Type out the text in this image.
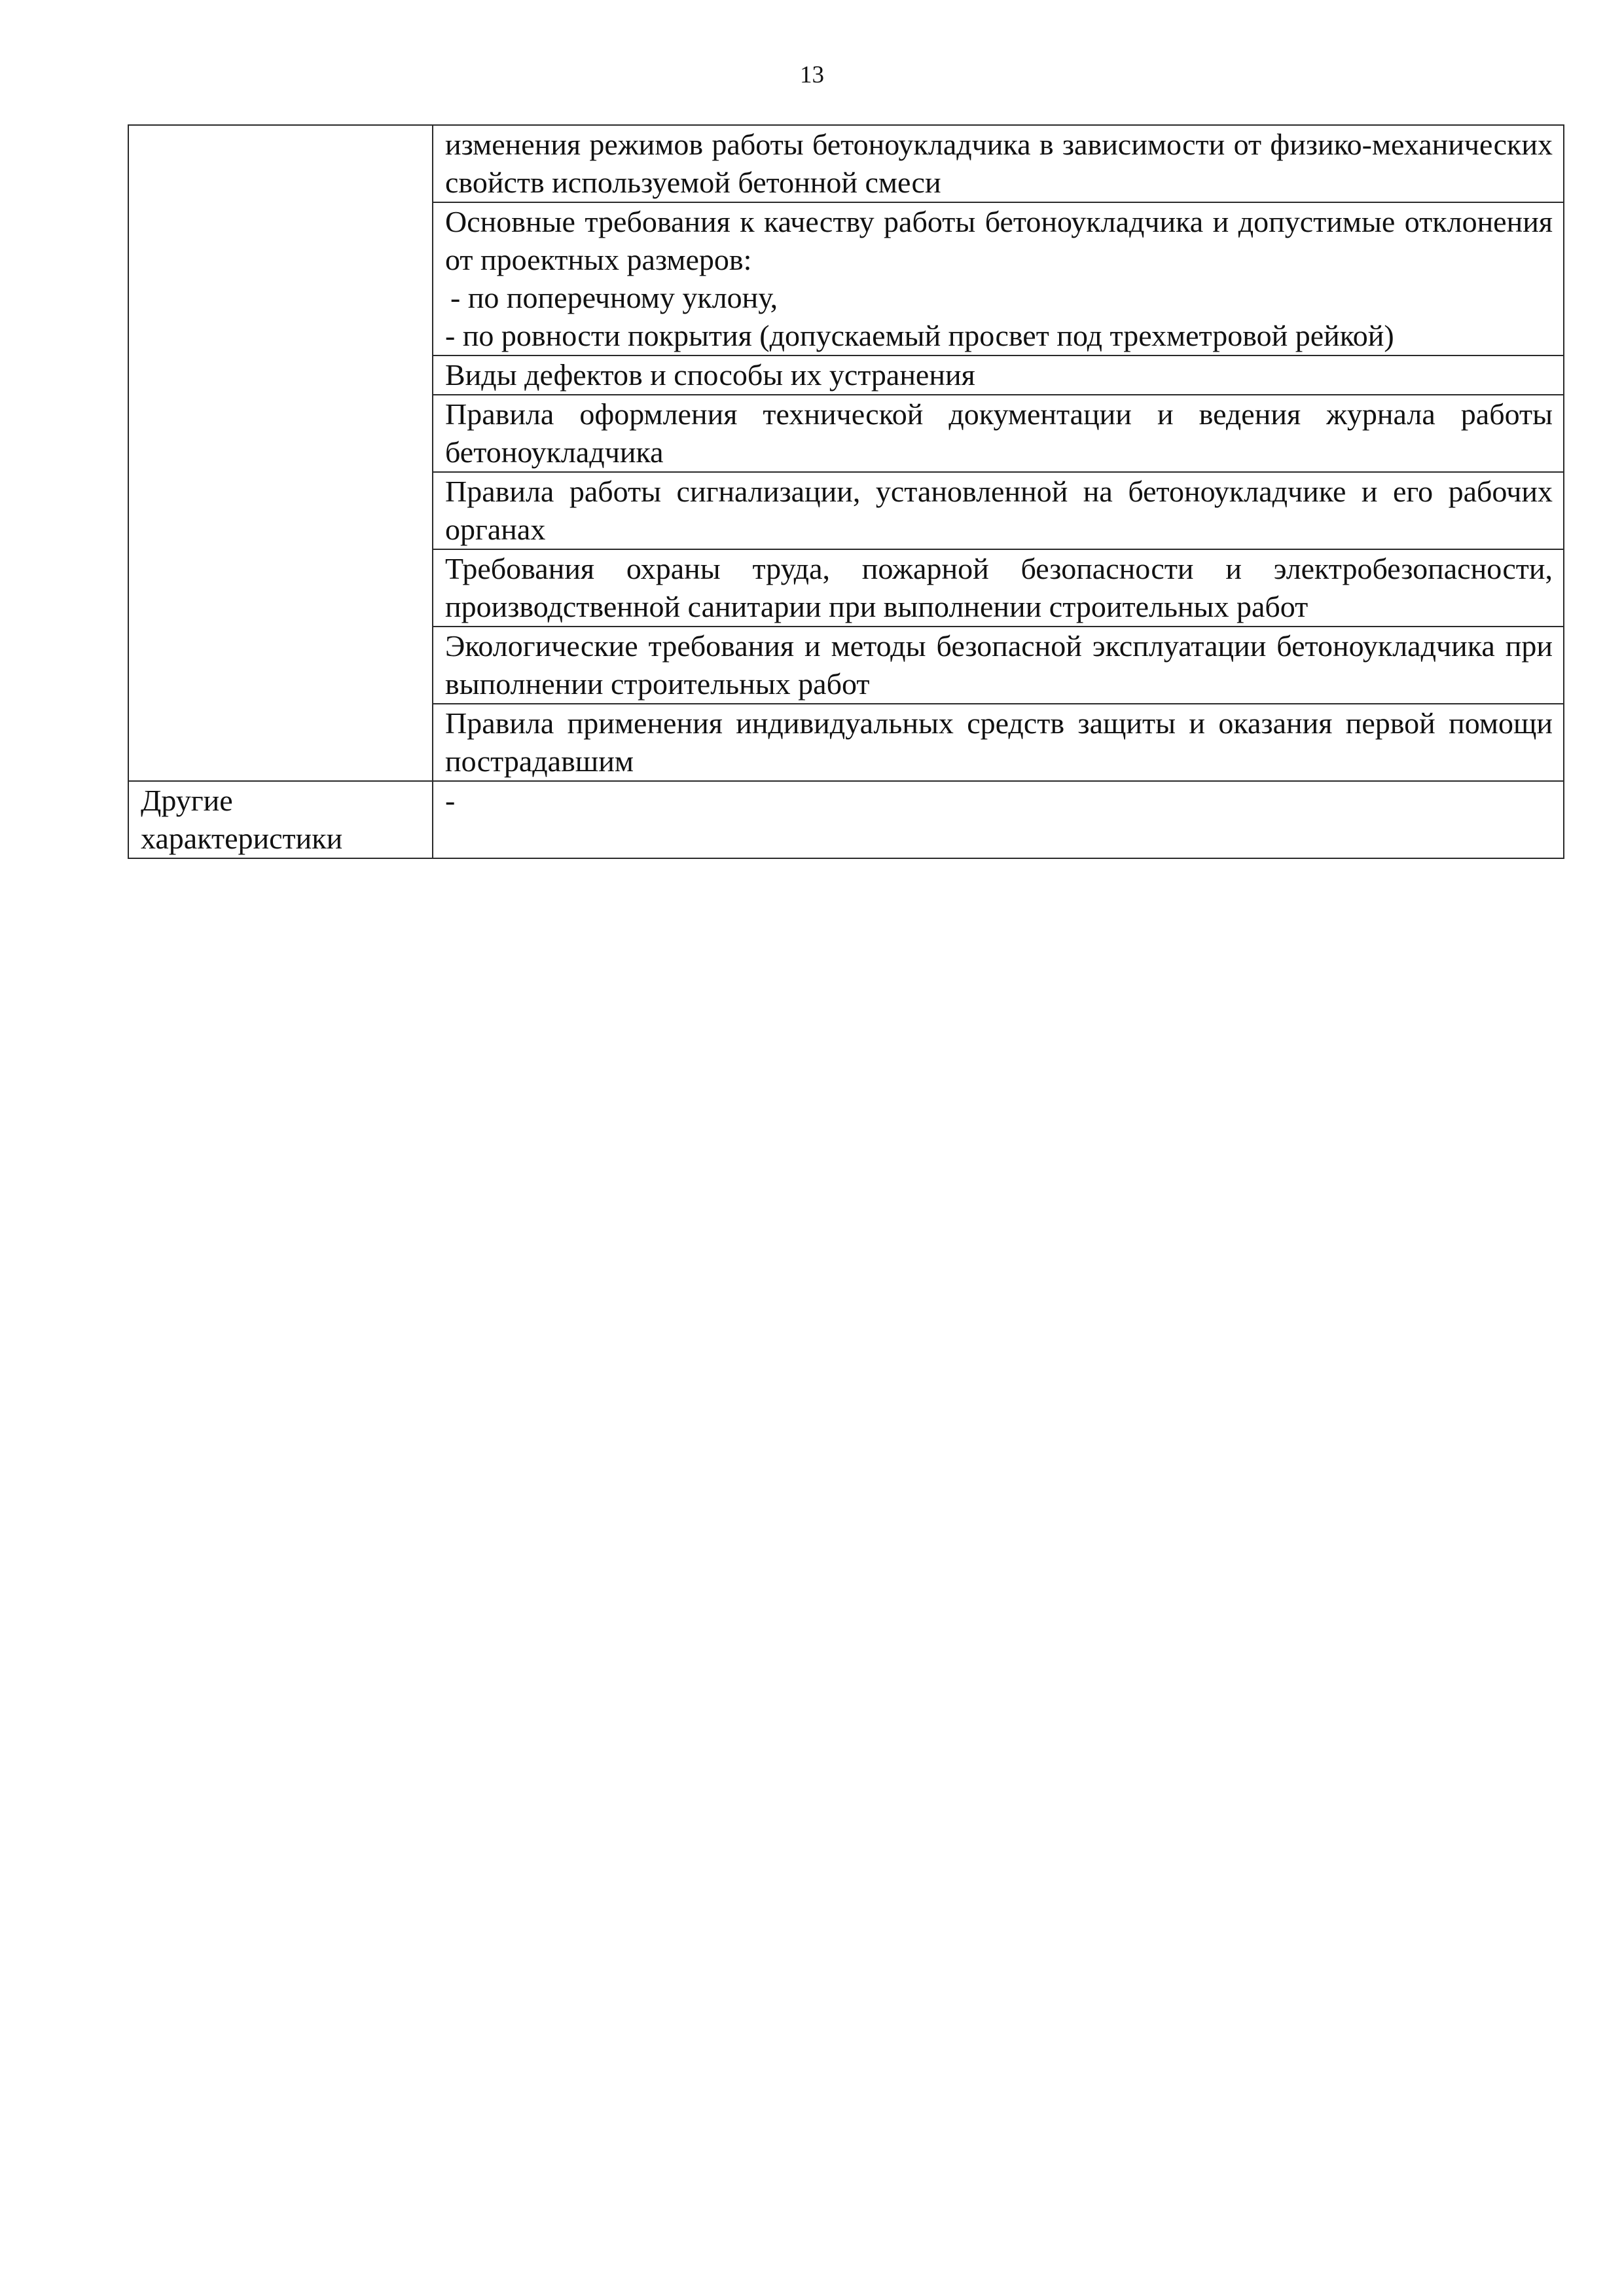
13

	изменения режимов работы бетоноукладчика в зависимости от физико-механических свойств используемой бетонной смеси

	Основные требования к качеству работы бетоноукладчика и допустимые отклонения от проектных размеров:
- по поперечному уклону,
- по ровности покрытия (допускаемый просвет под трехметровой рейкой)

	Виды дефектов и способы их устранения

	Правила оформления технической документации и ведения журнала работы бетоноукладчика

	Правила работы сигнализации, установленной на бетоноукладчике и его рабочих органах

	Требования охраны труда, пожарной безопасности и электробезопасности, производственной санитарии при выполнении строительных работ

	Экологические требования и методы безопасной эксплуатации бетоноукладчика при выполнении строительных работ

	Правила применения индивидуальных средств защиты и оказания первой помощи пострадавшим

Другие
характеристики	-
